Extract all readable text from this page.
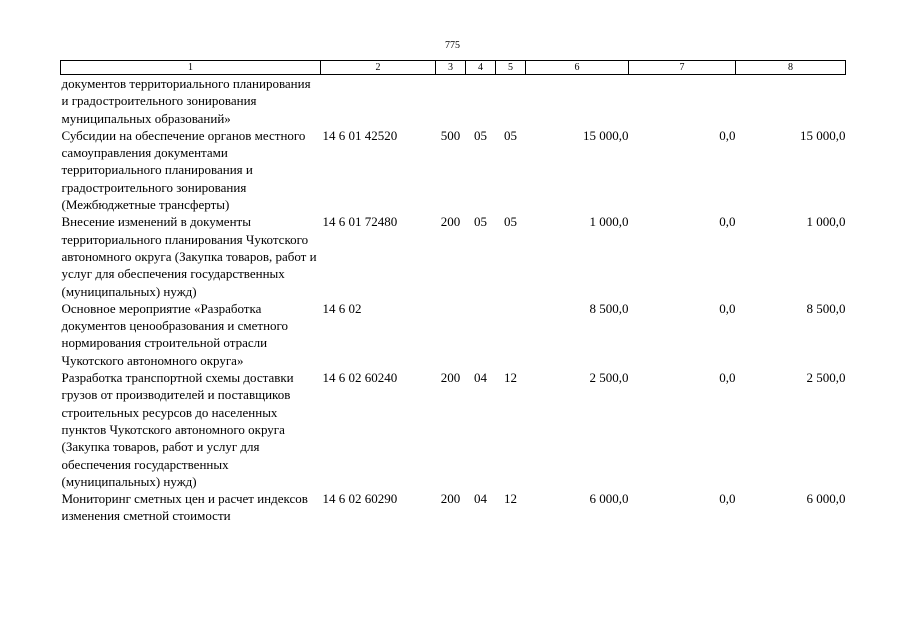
775
1	2	3	4	5	6	7	8
документов территориального планирования и градостроительного зонирования муниципальных образований»							
Субсидии на обеспечение органов местного самоуправления документами территориального планирования и градостроительного зонирования (Межбюджетные трансферты)	14 6 01 42520	500	05	05	15 000,0	0,0	15 000,0
Внесение изменений в документы территориального планирования Чукотского автономного округа (Закупка товаров, работ и услуг для обеспечения государственных (муниципальных) нужд)	14 6 01 72480	200	05	05	1 000,0	0,0	1 000,0
Основное мероприятие «Разработка документов ценообразования и сметного нормирования строительной отрасли Чукотского автономного округа»	14 6 02				8 500,0	0,0	8 500,0
Разработка транспортной схемы доставки грузов от производителей и поставщиков строительных ресурсов до населенных пунктов Чукотского автономного округа (Закупка товаров, работ и услуг для обеспечения государственных (муниципальных) нужд)	14 6 02 60240	200	04	12	2 500,0	0,0	2 500,0
Мониторинг сметных цен и расчет индексов изменения сметной стоимости	14 6 02 60290	200	04	12	6 000,0	0,0	6 000,0
